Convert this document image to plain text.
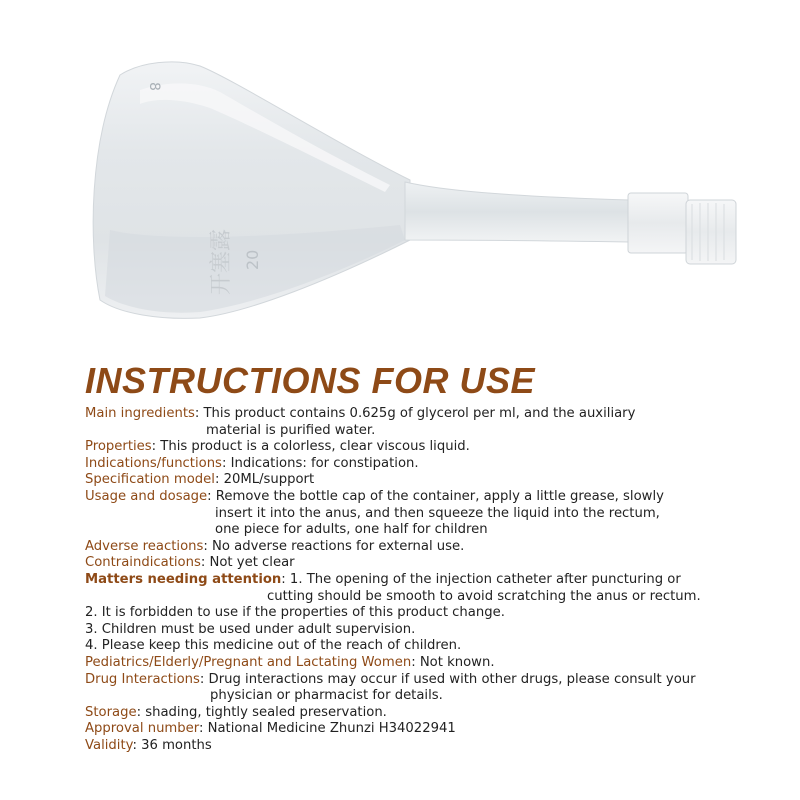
8
20
开塞露
INSTRUCTIONS FOR USE
Main ingredients: This product contains 0.625g of glycerol per ml, and the auxiliary
material is purified water.
Properties: This product is a colorless, clear viscous liquid.
Indications/functions: Indications: for constipation.
Specification model: 20ML/support
Usage and dosage: Remove the bottle cap of the container, apply a little grease, slowly
insert it into the anus, and then squeeze the liquid into the rectum,
one piece for adults, one half for children
Adverse reactions: No adverse reactions for external use.
Contraindications: Not yet clear
Matters needing attention: 1. The opening of the injection catheter after puncturing or
cutting should be smooth to avoid scratching the anus or rectum.
2. It is forbidden to use if the properties of this product change.
3. Children must be used under adult supervision.
4. Please keep this medicine out of the reach of children.
Pediatrics/Elderly/Pregnant and Lactating Women: Not known.
Drug Interactions: Drug interactions may occur if used with other drugs, please consult your
physician or pharmacist for details.
Storage: shading, tightly sealed preservation.
Approval number: National Medicine Zhunzi H34022941
Validity: 36 months
